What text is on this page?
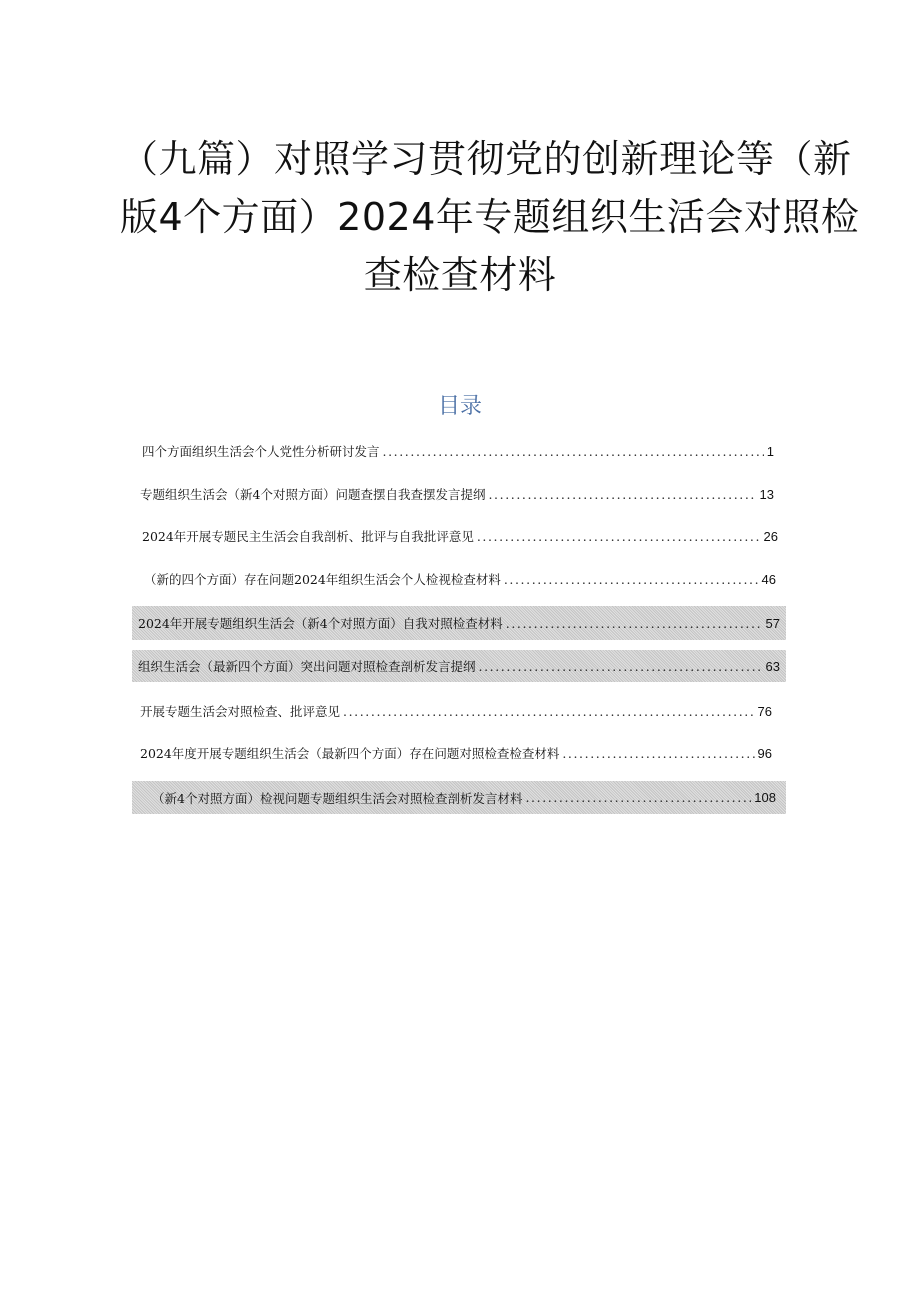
（九篇）对照学习贯彻党的创新理论等（新
版4个方面）2024年专题组织生活会对照检
查检查材料
目录
四个方面组织生活会个人党性分析研讨发言 .....	1
专题组织生活会（新4个对照方面）问题查摆自我查摆发言提纲 .....	13
2024年开展专题民主生活会自我剖析、批评与自我批评意见 .....	26
（新的四个方面）存在问题2024年组织生活会个人检视检查材料 .....	46
2024年开展专题组织生活会（新4个对照方面）自我对照检查材料 .....	57
组织生活会（最新四个方面）突出问题对照检查剖析发言提纲 .....	63
开展专题生活会对照检查、批评意见 .....	76
2024年度开展专题组织生活会（最新四个方面）存在问题对照检查检查材料 .....	96
（新4个对照方面）检视问题专题组织生活会对照检查剖析发言材料 .....	108
